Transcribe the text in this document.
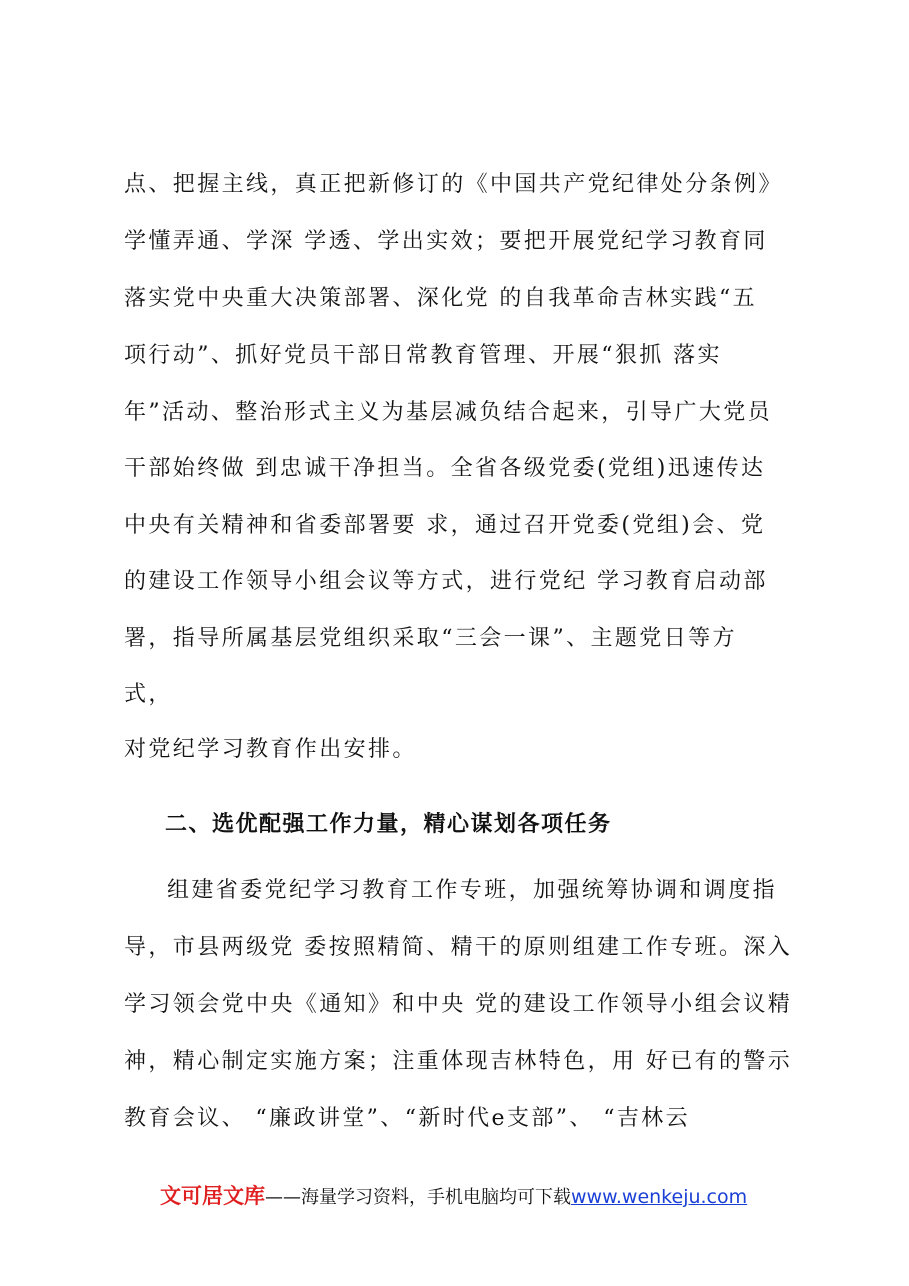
点、把握主线，真正把新修订的《中国共产党纪律处分条例》
学懂弄通、学深 学透、学出实效；要把开展党纪学习教育同
落实党中央重大决策部署、深化党 的自我革命吉林实践“五
项行动”、抓好党员干部日常教育管理、开展“狠抓 落实
年”活动、整治形式主义为基层减负结合起来，引导广大党员
干部始终做 到忠诚干净担当。全省各级党委(党组)迅速传达
中央有关精神和省委部署要 求，通过召开党委(党组)会、党
的建设工作领导小组会议等方式，进行党纪 学习教育启动部
署，指导所属基层党组织采取“三会一课”、主题党日等方
式，
对党纪学习教育作出安排。
二、选优配强工作力量，精心谋划各项任务
组建省委党纪学习教育工作专班，加强统筹协调和调度指
导，市县两级党 委按照精简、精干的原则组建工作专班。深入
学习领会党中央《通知》和中央 党的建设工作领导小组会议精
神，精心制定实施方案；注重体现吉林特色，用 好已有的警示
教育会议、 “廉政讲堂”、“新时代e支部”、 “吉林云
文可居文库——海量学习资料，手机电脑均可下载www.wenkeju.com
